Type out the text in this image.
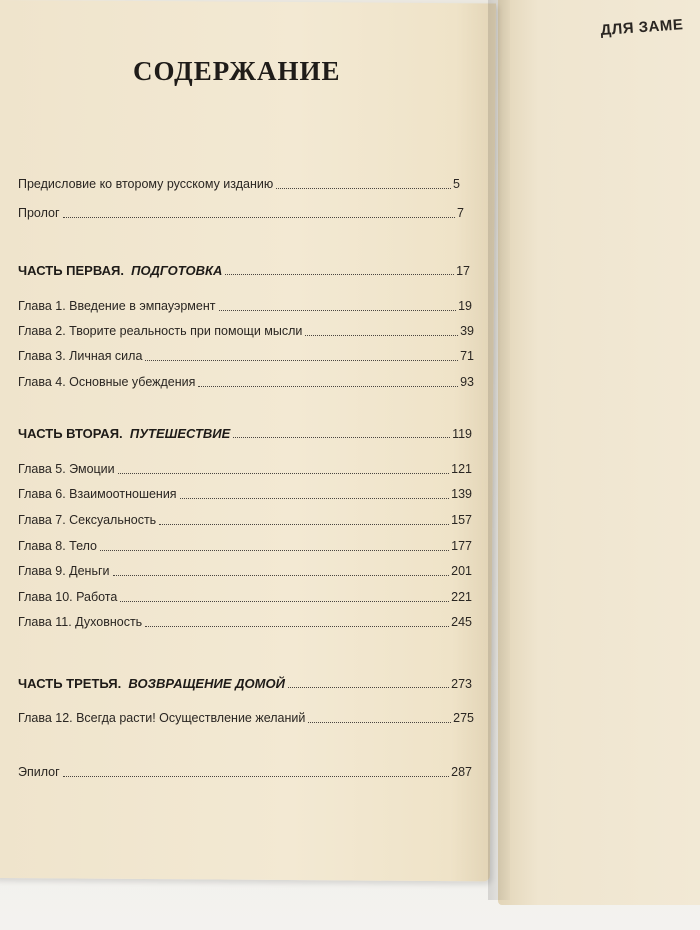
ДЛЯ ЗАМЕ
СОДЕРЖАНИЕ
Предисловие ко второму русскому изданию	5
Пролог	7
ЧАСТЬ ПЕРВАЯ. ПОДГОТОВКА	17
Глава 1. Введение в эмпауэрмент	19
Глава 2. Творите реальность при помощи мысли	39
Глава 3. Личная сила	71
Глава 4. Основные убеждения	93
ЧАСТЬ ВТОРАЯ. ПУТЕШЕСТВИЕ	119
Глава 5. Эмоции	121
Глава 6. Взаимоотношения	139
Глава 7. Сексуальность	157
Глава 8. Тело	177
Глава 9. Деньги	201
Глава 10. Работа	221
Глава 11. Духовность	245
ЧАСТЬ ТРЕТЬЯ. ВОЗВРАЩЕНИЕ ДОМОЙ	273
Глава 12. Всегда расти! Осуществление желаний	275
Эпилог	287
